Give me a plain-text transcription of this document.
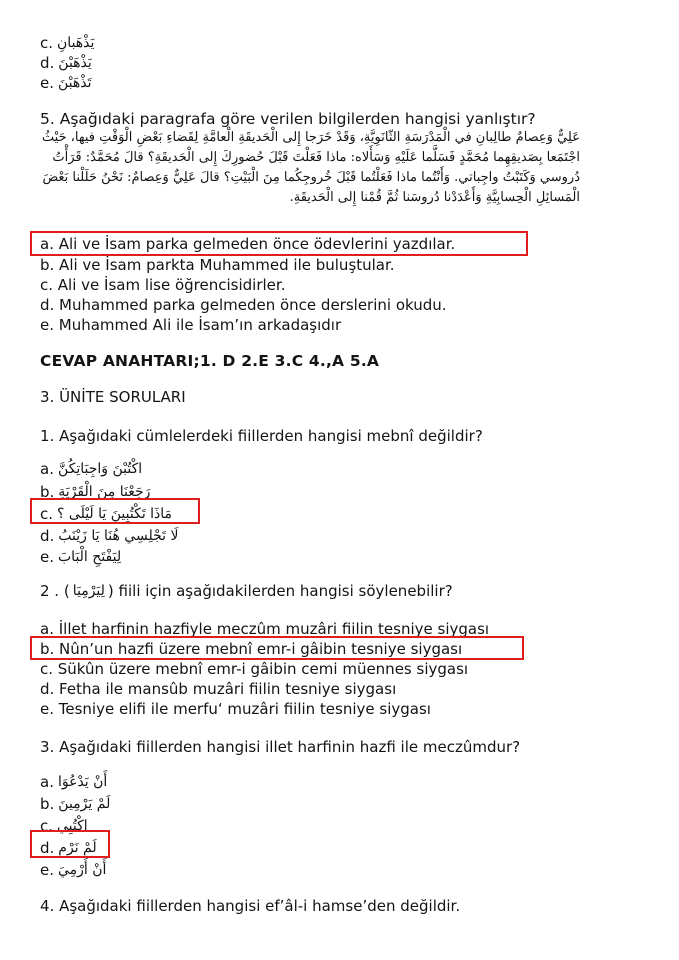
c. يَذْهَبانِ
d. يَذْهَبْنَ
e. تَذْهَبْنَ
5. Aşağıdaki paragrafa göre verilen bilgilerden hangisi yanlıştır?
عَلِيٌّ وَعِصامٌ طالِبانِ في الْمَدْرَسَةِ الثّانَوِيَّةِ، وَقَدْ خَرَجا إِلى الْحَديقَةِ الْعامَّةِ لِقَضاءِ بَعْضِ الْوَقْتِ فيها، حَيْثُ
اجْتَمَعا بِصَديقِهِما مُحَمَّدٍ فَسَلَّما عَلَيْهِ وَسَأَلاه: ماذا فَعَلْتَ قَبْلَ حُضورِكَ إِلى الْحَديقَةِ؟ قالَ مُحَمَّدٌ: قَرَأْتُ
دُروسي وَكَتَبْتُ واجِباتي. وَأَنْتُما ماذا فَعَلْتُما قَبْلَ خُروجِكُما مِنَ الْبَيْتِ؟ قالَ عَلِيٌّ وَعِصامٌ: نَحْنُ حَلَلْنا بَعْضَ
الْمَسائِلِ الْحِسابِيَّةِ وَأَعْدَدْنا دُروسَنا ثُمَّ قُمْنا إِلى الْحَديقَةِ.
a. Ali ve İsam parka gelmeden önce ödevlerini yazdılar.
b. Ali ve İsam parkta Muhammed ile buluştular.
c. Ali ve İsam lise öğrencisidirler.
d. Muhammed parka gelmeden önce derslerini okudu.
e. Muhammed Ali ile İsam’ın arkadaşıdır
CEVAP ANAHTARI;1. D 2.E 3.C 4.,A 5.A
3. ÜNİTE SORULARI
1. Aşağıdaki cümlelerdeki fiillerden hangisi mebnî değildir?
a. اكْتُبْنَ وَاجِبَاتِكُنَّ
b. رَجَعْنَا مِنَ الْقَرْيَةِ
c. مَاذَا تَكْتُبِينَ يَا لَيْلَى ؟
d. لَا تَجْلِسِي هُنَا يَا زَيْنَبُ
e. لِيَفْتَحِ الْبَابَ
2 . ( لِيَرْمِيَا ) fiili için aşağıdakilerden hangisi söylenebilir?
a. İllet harfinin hazfiyle meczûm muzâri fiilin tesniye siygası
b. Nûn’un hazfi üzere mebnî emr-i gâibin tesniye siygası
c. Sükûn üzere mebnî emr-i gâibin cemi müennes siygası
d. Fetha ile mansûb muzâri fiilin tesniye siygası
e. Tesniye elifi ile merfu‘ muzâri fiilin tesniye siygası
3. Aşağıdaki fiillerden hangisi illet harfinin hazfi ile meczûmdur?
a. أَنْ يَدْعُوَا
b. لَمْ يَرْمِينَ
c. اكْتُبِي
d. لَمْ نَرْمِ
e. أَنْ أَرْمِيَ
4. Aşağıdaki fiillerden hangisi ef’âl-i hamse’den değildir.
